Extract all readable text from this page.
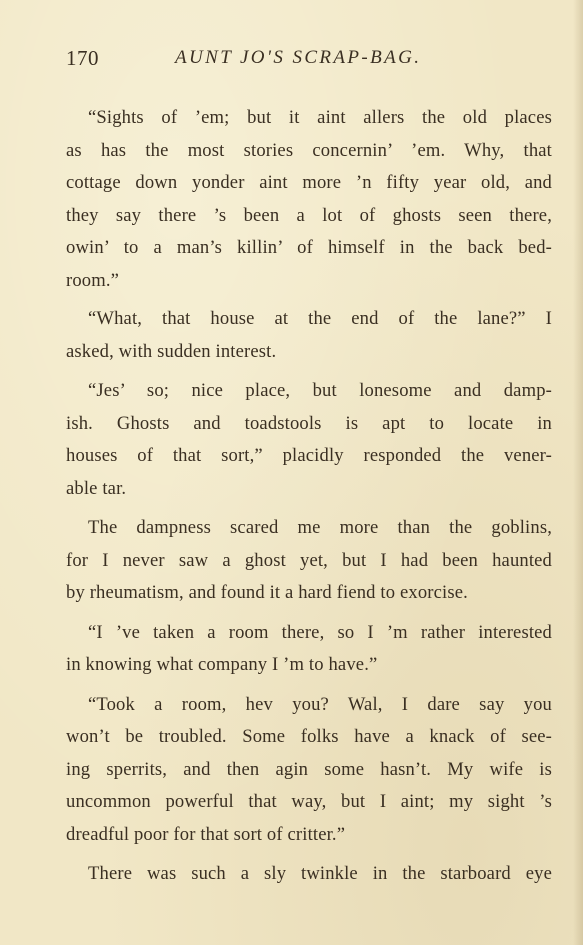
170	AUNT JO'S SCRAP-BAG.

“Sights of ’em; but it aint allers the old places
as has the most stories concernin’ ’em. Why, that
cottage down yonder aint more ’n fifty year old, and
they say there ’s been a lot of ghosts seen there,
owin’ to a man’s killin’ of himself in the back bed-
room.”

“What, that house at the end of the lane?” I
asked, with sudden interest.

“Jes’ so; nice place, but lonesome and damp-
ish. Ghosts and toadstools is apt to locate in
houses of that sort,” placidly responded the vener-
able tar.

The dampness scared me more than the goblins,
for I never saw a ghost yet, but I had been haunted
by rheumatism, and found it a hard fiend to exorcise.

“I ’ve taken a room there, so I ’m rather interested
in knowing what company I ’m to have.”

“Took a room, hev you? Wal, I dare say you
won’t be troubled. Some folks have a knack of see-
ing sperrits, and then agin some hasn’t. My wife is
uncommon powerful that way, but I aint; my sight ’s
dreadful poor for that sort of critter.”

There was such a sly twinkle in the starboard eye
